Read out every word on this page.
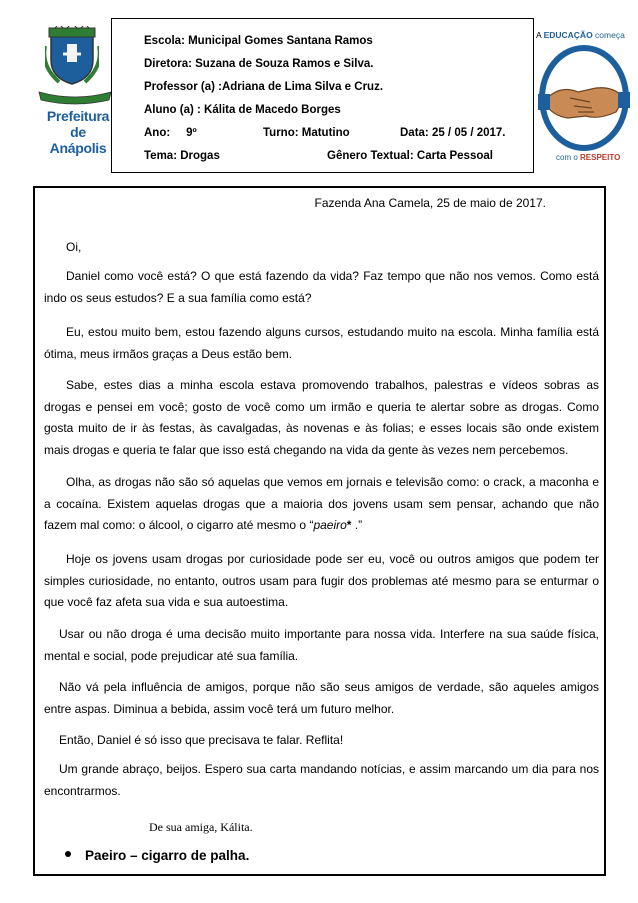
Prefeitura de
Anápolis
Escola: Municipal Gomes Santana Ramos
Diretora: Suzana de Souza Ramos e Silva.
Professor (a) :Adriana de Lima Silva e Cruz.
Aluno (a) : Kálita de Macedo Borges
Ano:     9º	Turno: Matutino	Data: 25 / 05 / 2017.
Tema: Drogas	Gênero Textual: Carta Pessoal
A EDUCAÇÃO começa
com o RESPEITO
Fazenda Ana Camela, 25 de maio de 2017.

Oi,

Daniel como você está? O que está fazendo da vida? Faz tempo que não nos vemos. Como está indo os seus estudos? E a sua família como está?

Eu, estou muito bem, estou fazendo alguns cursos, estudando muito na escola. Minha família está ótima, meus irmãos graças a Deus estão bem.

Sabe, estes dias a minha escola estava promovendo trabalhos, palestras e vídeos sobras as drogas e pensei em você; gosto de você como um irmão e queria te alertar sobre as drogas. Como gosta muito de ir às festas, às cavalgadas, às novenas e às folias; e esses locais são onde existem mais drogas e queria te falar que isso está chegando na vida da gente às vezes nem percebemos.

Olha, as drogas não são só aquelas que vemos em jornais e televisão como: o crack, a maconha e a cocaína. Existem aquelas drogas que a maioria dos jovens usam sem pensar, achando que não fazem mal como: o álcool, o cigarro até mesmo o “paeiro* .”

Hoje os jovens usam drogas por curiosidade pode ser eu, você ou outros amigos que podem ter simples curiosidade, no entanto, outros usam para fugir dos problemas até mesmo para se enturmar o que você faz afeta sua vida e sua autoestima.

Usar ou não droga é uma decisão muito importante para nossa vida. Interfere na sua saúde física, mental e social, pode prejudicar até sua família.

Não vá pela influência de amigos, porque não são seus amigos de verdade, são aqueles amigos entre aspas. Diminua a bebida, assim você terá um futuro melhor.

Então, Daniel é só isso que precisava te falar. Reflita!

Um grande abraço, beijos. Espero sua carta mandando notícias, e assim marcando um dia para nos encontrarmos.

De sua amiga, Kálita.
Paeiro – cigarro de palha.
